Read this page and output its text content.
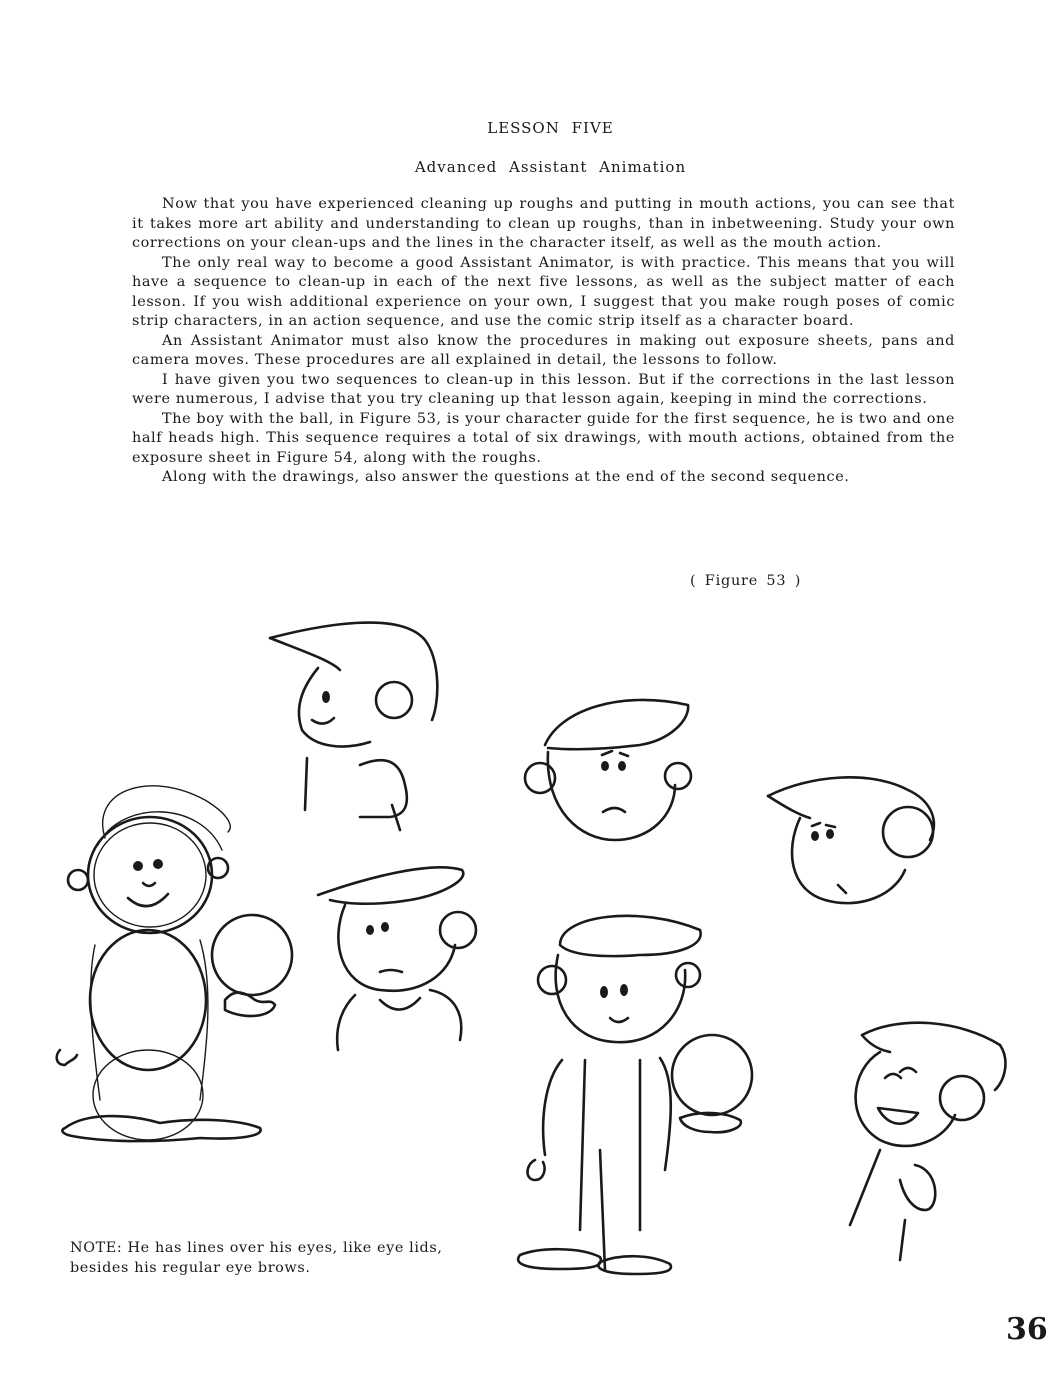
LESSON FIVE
Advanced Assistant Animation

Now that you have experienced cleaning up roughs and putting in mouth actions, you can see that it takes more art ability and understanding to clean up roughs, than in inbetweening. Study your own corrections on your clean-ups and the lines in the character itself, as well as the mouth action.

The only real way to become a good Assistant Animator, is with practice. This means that you will have a sequence to clean-up in each of the next five lessons, as well as the subject matter of each lesson. If you wish additional experience on your own, I suggest that you make rough poses of comic strip characters, in an action sequence, and use the comic strip itself as a character board.

An Assistant Animator must also know the procedures in making out exposure sheets, pans and camera moves. These procedures are all explained in detail, the lessons to follow.

I have given you two sequences to clean-up in this lesson. But if the corrections in the last lesson were numerous, I advise that you try cleaning up that lesson again, keeping in mind the corrections.

The boy with the ball, in Figure 53, is your character guide for the first sequence, he is two and one half heads high. This sequence requires a total of six drawings, with mouth actions, obtained from the exposure sheet in Figure 54, along with the roughs.

Along with the drawings, also answer the questions at the end of the second sequence.

( Figure 53 )
NOTE: He has lines over his eyes, like eye lids,
besides his regular eye brows.
36
